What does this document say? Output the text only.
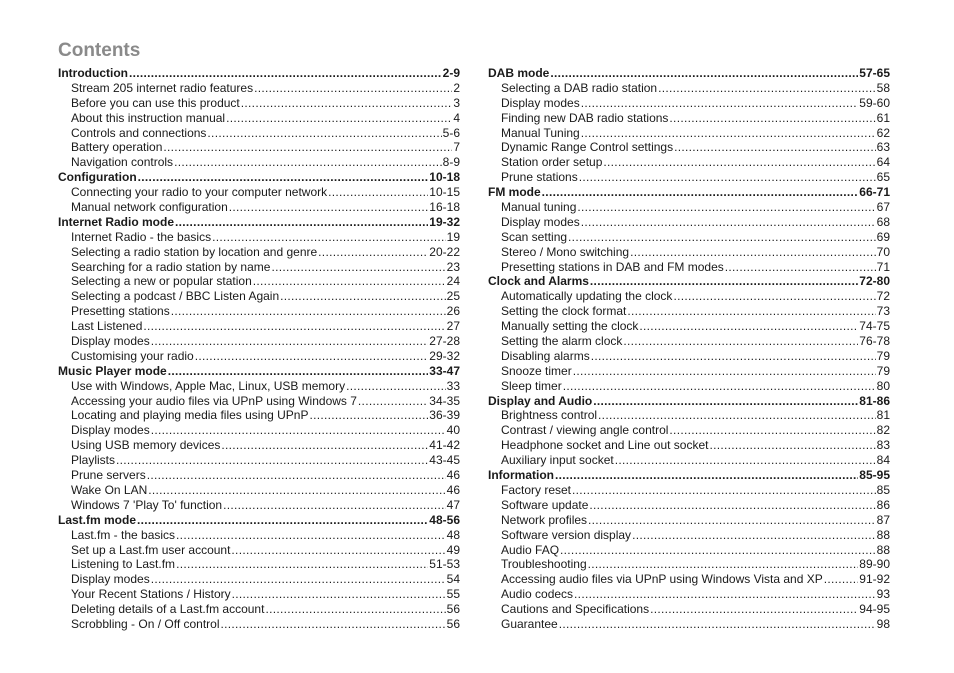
Contents
Introduction .....	2-9
Stream 205 internet radio features .....	2
Before you can use this product .....	3
About this instruction manual .....	4
Controls and connections .....	5-6
Battery operation .....	7
Navigation controls .....	8-9
Configuration .....	10-18
Connecting your radio to your computer network .....	10-15
Manual network configuration .....	16-18
Internet Radio mode .....	19-32
Internet Radio - the basics .....	19
Selecting a radio station by location and genre .....	20-22
Searching for a radio station by name .....	23
Selecting a new or popular station .....	24
Selecting a podcast / BBC Listen Again .....	25
Presetting stations .....	26
Last Listened .....	27
Display modes .....	27-28
Customising your radio .....	29-32
Music Player mode .....	33-47
Use with Windows, Apple Mac, Linux, USB memory .....	33
Accessing your audio files via UPnP using Windows 7 .....	34-35
Locating and playing media files using UPnP .....	36-39
Display modes .....	40
Using USB memory devices .....	41-42
Playlists .....	43-45
Prune servers .....	46
Wake On LAN .....	46
Windows 7 'Play To' function .....	47
Last.fm mode .....	48-56
Last.fm - the basics .....	48
Set up a Last.fm user account .....	49
Listening to Last.fm .....	51-53
Display modes .....	54
Your Recent Stations / History .....	55
Deleting details of a Last.fm account .....	56
Scrobbling - On / Off control .....	56
DAB mode .....	57-65
Selecting a DAB radio station .....	58
Display modes .....	59-60
Finding new DAB radio stations .....	61
Manual Tuning .....	62
Dynamic Range Control settings .....	63
Station order setup .....	64
Prune stations .....	65
FM mode .....	66-71
Manual tuning .....	67
Display modes .....	68
Scan setting .....	69
Stereo / Mono switching .....	70
Presetting stations in DAB and FM modes .....	71
Clock and Alarms .....	72-80
Automatically updating the clock .....	72
Setting the clock format .....	73
Manually setting the clock .....	74-75
Setting the alarm clock .....	76-78
Disabling alarms .....	79
Snooze timer .....	79
Sleep timer .....	80
Display and Audio .....	81-86
Brightness control .....	81
Contrast / viewing angle control .....	82
Headphone socket and Line out socket .....	83
Auxiliary input socket .....	84
Information .....	85-95
Factory reset .....	85
Software update .....	86
Network profiles .....	87
Software version display .....	88
Audio FAQ .....	88
Troubleshooting .....	89-90
Accessing audio files via UPnP using Windows Vista and XP .....	91-92
Audio codecs .....	93
Cautions and Specifications .....	94-95
Guarantee .....	98
